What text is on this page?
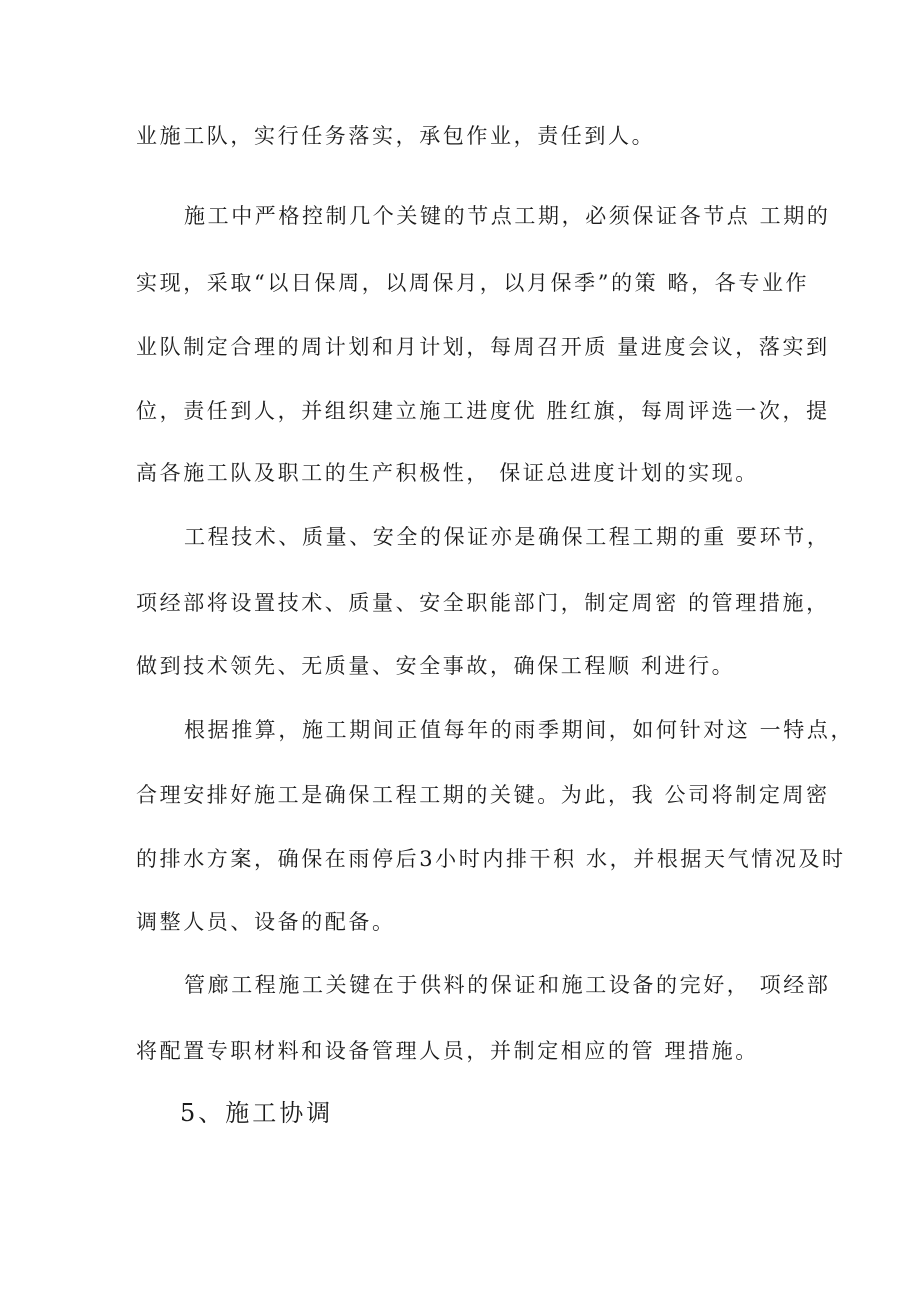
业施工队，实行任务落实，承包作业，责任到人。
施工中严格控制几个关键的节点工期，必须保证各节点 工期的
实现，采取“以日保周，以周保月，以月保季”的策 略，各专业作
业队制定合理的周计划和月计划，每周召开质 量进度会议，落实到
位，责任到人，并组织建立施工进度优 胜红旗，每周评选一次，提
高各施工队及职工的生产积极性， 保证总进度计划的实现。
工程技术、质量、安全的保证亦是确保工程工期的重 要环节，
项经部将设置技术、质量、安全职能部门，制定周密 的管理措施，
做到技术领先、无质量、安全事故，确保工程顺 利进行。
根据推算，施工期间正值每年的雨季期间，如何针对这 一特点，
合理安排好施工是确保工程工期的关键。为此，我 公司将制定周密
的排水方案，确保在雨停后3小时内排干积 水，并根据天气情况及时
调整人员、设备的配备。
管廊工程施工关键在于供料的保证和施工设备的完好， 项经部
将配置专职材料和设备管理人员，并制定相应的管 理措施。
5、施工协调
